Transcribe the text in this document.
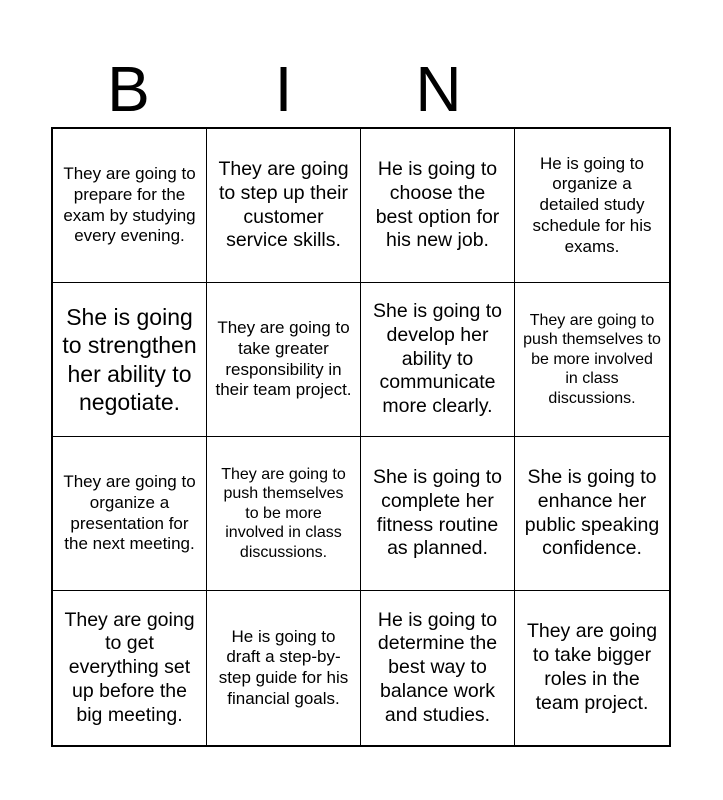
B	I	N
They are going to prepare for the exam by studying every evening.
They are going to step up their customer service skills.
He is going to choose the best option for his new job.
He is going to organize a detailed study schedule for his exams.
She is going to strengthen her ability to negotiate.
They are going to take greater responsibility in their team project.
She is going to develop her ability to communicate more clearly.
They are going to push themselves to be more involved in class discussions.
They are going to organize a presentation for the next meeting.
They are going to push themselves to be more involved in class discussions.
She is going to complete her fitness routine as planned.
She is going to enhance her public speaking confidence.
They are going to get everything set up before the big meeting.
He is going to draft a step-by-step guide for his financial goals.
He is going to determine the best way to balance work and studies.
They are going to take bigger roles in the team project.
